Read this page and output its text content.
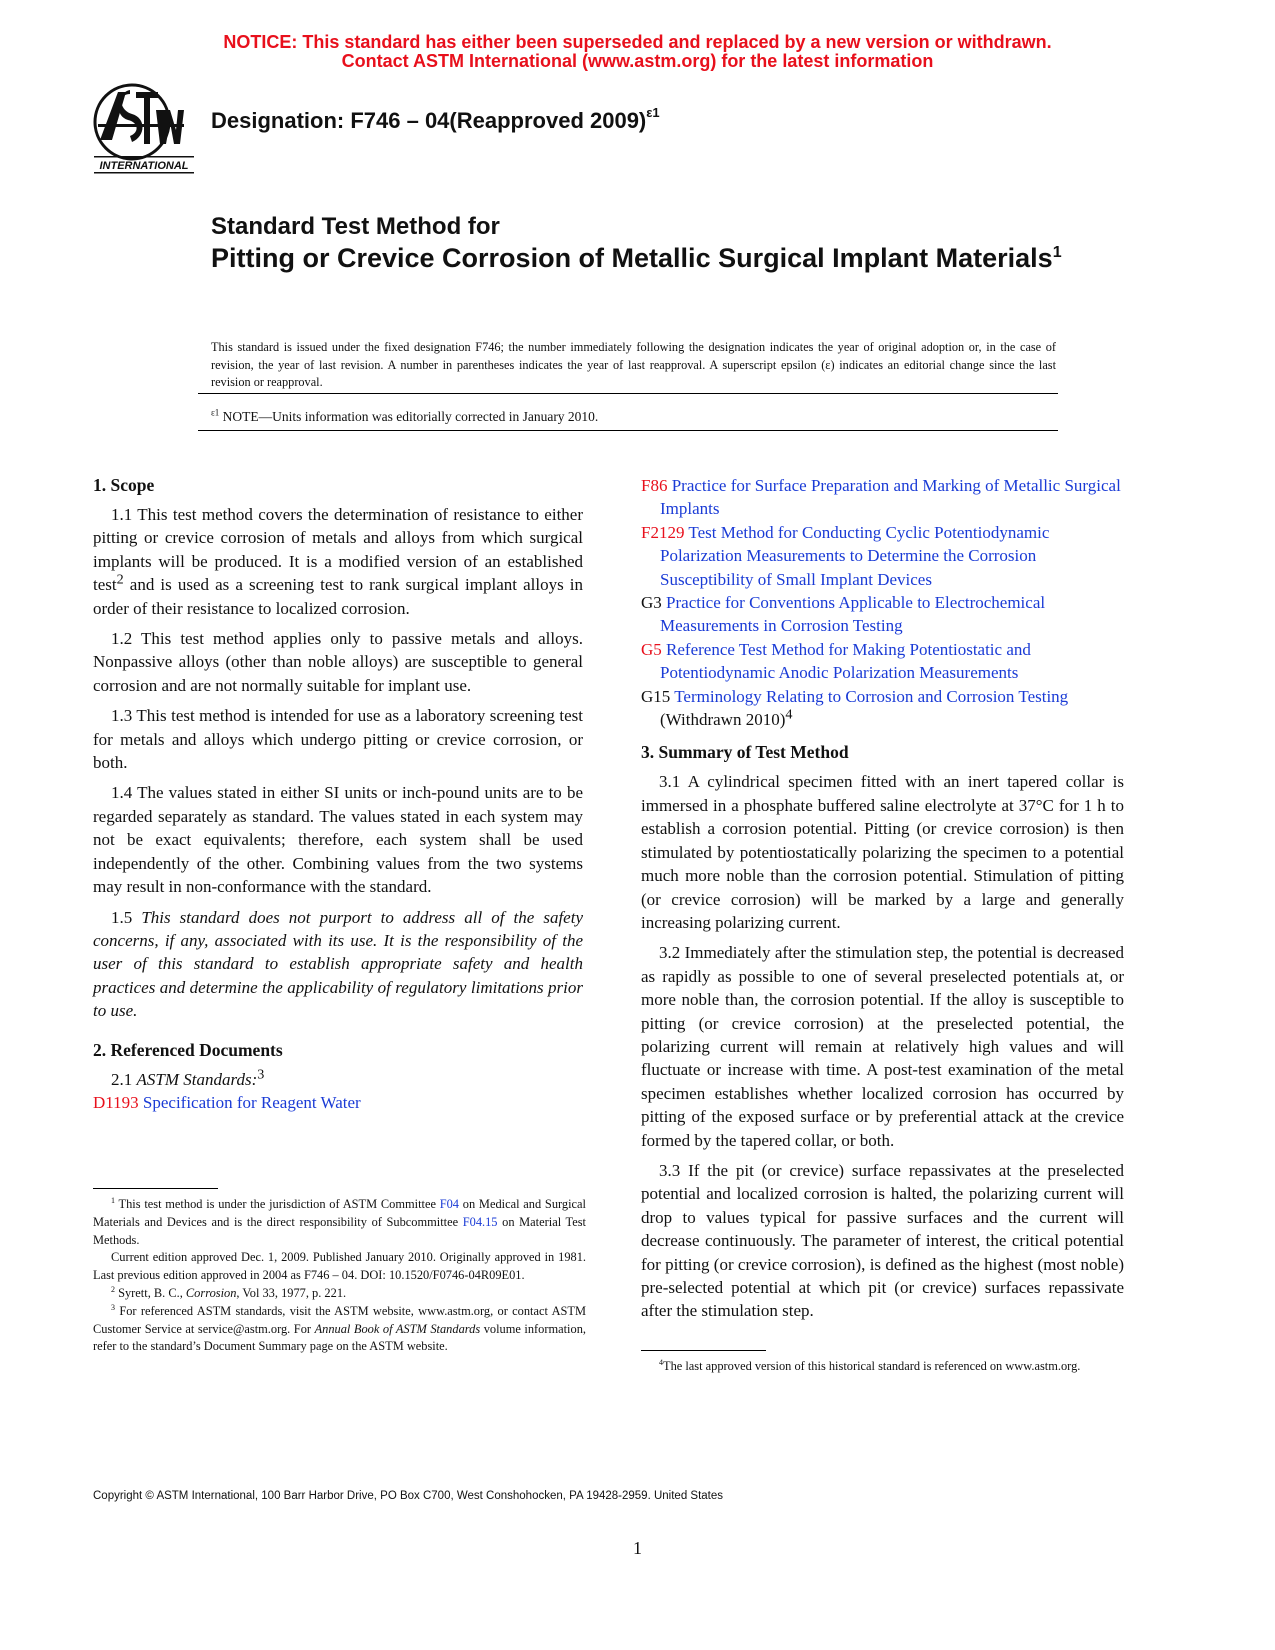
NOTICE: This standard has either been superseded and replaced by a new version or withdrawn.
Contact ASTM International (www.astm.org) for the latest information
INTERNATIONAL
Designation: F746 – 04(Reapproved 2009)$^{\varepsilon 1}$
Standard Test Method for
Pitting or Crevice Corrosion of Metallic Surgical Implant Materials$^1$
This standard is issued under the fixed designation F746; the number immediately following the designation indicates the year of original adoption or, in the case of revision, the year of last revision. A number in parentheses indicates the year of last reapproval. A superscript epsilon (ε) indicates an editorial change since the last revision or reapproval.
$^{\varepsilon 1}$ NOTE—Units information was editorially corrected in January 2010.
1. Scope

1.1 This test method covers the determination of resistance to either pitting or crevice corrosion of metals and alloys from which surgical implants will be produced. It is a modified version of an established test$^2$ and is used as a screening test to rank surgical implant alloys in order of their resistance to localized corrosion.

1.2 This test method applies only to passive metals and alloys. Nonpassive alloys (other than noble alloys) are susceptible to general corrosion and are not normally suitable for implant use.

1.3 This test method is intended for use as a laboratory screening test for metals and alloys which undergo pitting or crevice corrosion, or both.

1.4 The values stated in either SI units or inch-pound units are to be regarded separately as standard. The values stated in each system may not be exact equivalents; therefore, each system shall be used independently of the other. Combining values from the two systems may result in non-conformance with the standard.

1.5 This standard does not purport to address all of the safety concerns, if any, associated with its use. It is the responsibility of the user of this standard to establish appropriate safety and health practices and determine the applicability of regulatory limitations prior to use.

2. Referenced Documents

2.1 ASTM Standards:$^3$

D1193 Specification for Reagent Water
F86 Practice for Surface Preparation and Marking of Metallic Surgical Implants
F2129 Test Method for Conducting Cyclic Potentiodynamic Polarization Measurements to Determine the Corrosion Susceptibility of Small Implant Devices
G3 Practice for Conventions Applicable to Electrochemical Measurements in Corrosion Testing
G5 Reference Test Method for Making Potentiostatic and Potentiodynamic Anodic Polarization Measurements
G15 Terminology Relating to Corrosion and Corrosion Testing (Withdrawn 2010)$^4$
3. Summary of Test Method

3.1 A cylindrical specimen fitted with an inert tapered collar is immersed in a phosphate buffered saline electrolyte at 37°C for 1 h to establish a corrosion potential. Pitting (or crevice corrosion) is then stimulated by potentiostatically polarizing the specimen to a potential much more noble than the corrosion potential. Stimulation of pitting (or crevice corrosion) will be marked by a large and generally increasing polarizing current.

3.2 Immediately after the stimulation step, the potential is decreased as rapidly as possible to one of several preselected potentials at, or more noble than, the corrosion potential. If the alloy is susceptible to pitting (or crevice corrosion) at the preselected potential, the polarizing current will remain at relatively high values and will fluctuate or increase with time. A post-test examination of the metal specimen establishes whether localized corrosion has occurred by pitting of the exposed surface or by preferential attack at the crevice formed by the tapered collar, or both.

3.3 If the pit (or crevice) surface repassivates at the preselected potential and localized corrosion is halted, the polarizing current will drop to values typical for passive surfaces and the current will decrease continuously. The parameter of interest, the critical potential for pitting (or crevice corrosion), is defined as the highest (most noble) pre-selected potential at which pit (or crevice) surfaces repassivate after the stimulation step.

$^1$ This test method is under the jurisdiction of ASTM Committee F04 on Medical and Surgical Materials and Devices and is the direct responsibility of Subcommittee F04.15 on Material Test Methods.

Current edition approved Dec. 1, 2009. Published January 2010. Originally approved in 1981. Last previous edition approved in 2004 as F746 – 04. DOI: 10.1520/F0746-04R09E01.

$^2$ Syrett, B. C., Corrosion, Vol 33, 1977, p. 221.

$^3$ For referenced ASTM standards, visit the ASTM website, www.astm.org, or contact ASTM Customer Service at service@astm.org. For Annual Book of ASTM Standards volume information, refer to the standard’s Document Summary page on the ASTM website.

$^4$The last approved version of this historical standard is referenced on www.astm.org.

Copyright © ASTM International, 100 Barr Harbor Drive, PO Box C700, West Conshohocken, PA 19428-2959. United States
1
